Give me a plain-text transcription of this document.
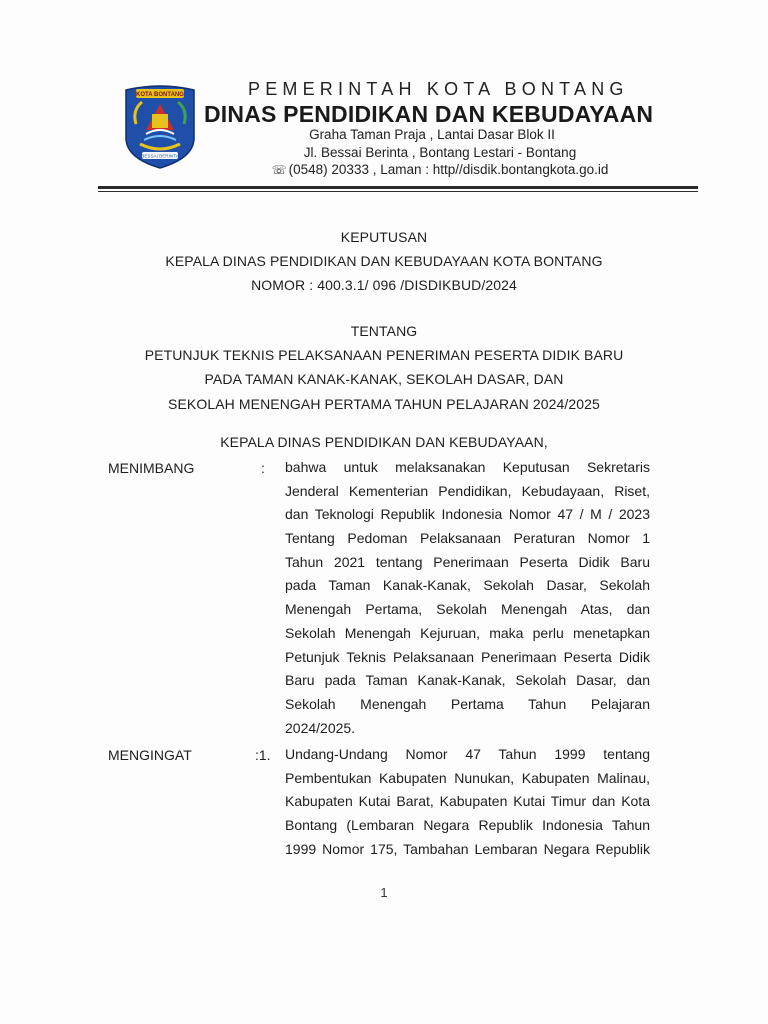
KOTA BONTANG
BESSAI BERINTA
PEMERINTAH KOTA BONTANG
DINAS PENDIDIKAN DAN KEBUDAYAAN
Graha Taman Praja , Lantai Dasar Blok II
Jl. Bessai Berinta , Bontang Lestari - Bontang
☏ (0548) 20333 , Laman : http//disdik.bontangkota.go.id
KEPUTUSAN
KEPALA DINAS PENDIDIKAN DAN KEBUDAYAAN KOTA BONTANG
NOMOR : 400.3.1/ 096 /DISDIKBUD/2024
TENTANG
PETUNJUK TEKNIS PELAKSANAAN PENERIMAN PESERTA DIDIK BARU
PADA TAMAN KANAK-KANAK, SEKOLAH DASAR, DAN
SEKOLAH MENENGAH PERTAMA TAHUN PELAJARAN 2024/2025
KEPALA DINAS PENDIDIKAN DAN KEBUDAYAAN,
MENIMBANG	: bahwa untuk melaksanakan Keputusan Sekretaris
Jenderal Kementerian Pendidikan, Kebudayaan, Riset,
dan Teknologi Republik Indonesia Nomor 47 / M / 2023
Tentang Pedoman Pelaksanaan Peraturan Nomor 1
Tahun 2021 tentang Penerimaan Peserta Didik Baru
pada Taman Kanak-Kanak, Sekolah Dasar, Sekolah
Menengah Pertama, Sekolah Menengah Atas, dan
Sekolah Menengah Kejuruan, maka perlu menetapkan
Petunjuk Teknis Pelaksanaan Penerimaan Peserta Didik
Baru pada Taman Kanak-Kanak, Sekolah Dasar, dan
Sekolah Menengah Pertama Tahun Pelajaran
2024/2025.
MENGINGAT	:1. Undang-Undang Nomor 47 Tahun 1999 tentang
Pembentukan Kabupaten Nunukan, Kabupaten Malinau,
Kabupaten Kutai Barat, Kabupaten Kutai Timur dan Kota
Bontang (Lembaran Negara Republik Indonesia Tahun
1999 Nomor 175, Tambahan Lembaran Negara Republik
1
